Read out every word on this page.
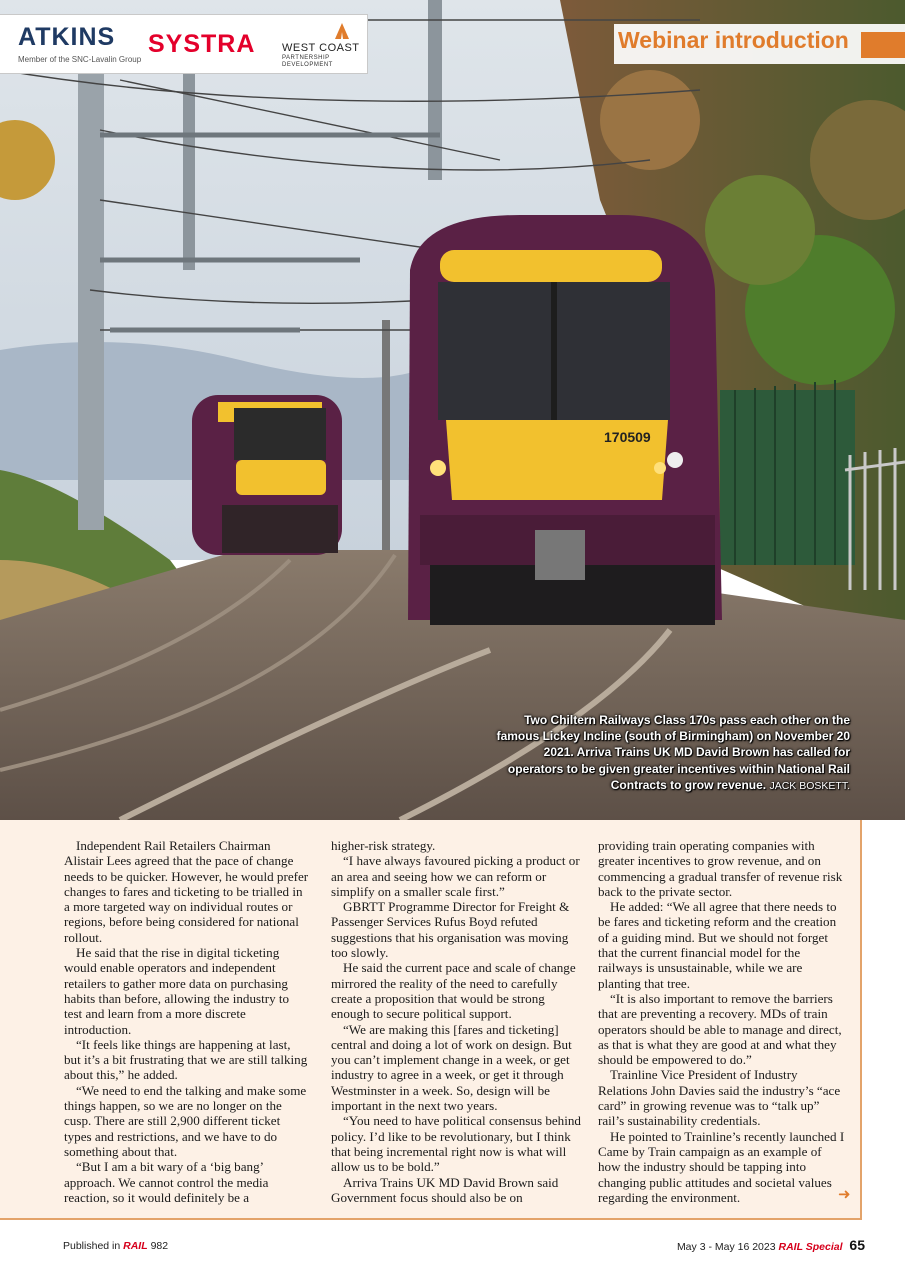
170509
ATKINS
Member of the SNC-Lavalin Group
SYSTRA WEST COAST
PARTNERSHIP DEVELOPMENT
Webinar introduction
Two Chiltern Railways Class 170s pass each other on the famous Lickey Incline (south of Birmingham) on November 20 2021. Arriva Trains UK MD David Brown has called for operators to be given greater incentives within National Rail Contracts to grow revenue. JACK BOSKETT.

Independent Rail Retailers Chairman Alistair Lees agreed that the pace of change needs to be quicker. However, he would prefer changes to fares and ticketing to be trialled in a more targeted way on individual routes or regions, before being considered for national rollout.

He said that the rise in digital ticketing would enable operators and independent retailers to gather more data on purchasing habits than before, allowing the industry to test and learn from a more discrete introduction.

“It feels like things are happening at last, but it’s a bit frustrating that we are still talking about this,” he added.

“We need to end the talking and make some things happen, so we are no longer on the cusp. There are still 2,900 different ticket types and restrictions, and we have to do something about that.

“But I am a bit wary of a ‘big bang’ approach. We cannot control the media reaction, so it would definitely be a

higher-risk strategy.

“I have always favoured picking a product or an area and seeing how we can reform or simplify on a smaller scale first.”

GBRTT Programme Director for Freight & Passenger Services Rufus Boyd refuted suggestions that his organisation was moving too slowly.

He said the current pace and scale of change mirrored the reality of the need to carefully create a proposition that would be strong enough to secure political support.

“We are making this [fares and ticketing] central and doing a lot of work on design. But you can’t implement change in a week, or get industry to agree in a week, or get it through Westminster in a week. So, design will be important in the next two years.

“You need to have political consensus behind policy. I’d like to be revolutionary, but I think that being incremental right now is what will allow us to be bold.”

Arriva Trains UK MD David Brown said Government focus should also be on

providing train operating companies with greater incentives to grow revenue, and on commencing a gradual transfer of revenue risk back to the private sector.

He added: “We all agree that there needs to be fares and ticketing reform and the creation of a guiding mind. But we should not forget that the current financial model for the railways is unsustainable, while we are planting that tree.

“It is also important to remove the barriers that are preventing a recovery. MDs of train operators should be able to manage and direct, as that is what they are good at and what they should be empowered to do.”

Trainline Vice President of Industry Relations John Davies said the industry’s “ace card” in growing revenue was to “talk up” rail’s sustainability credentials.

He pointed to Trainline’s recently launched I Came by Train campaign as an example of how the industry should be tapping into changing public attitudes and societal values regarding the environment.	➜
Published in RAIL 982	May 3 - May 16 2023 RAIL Special 65
